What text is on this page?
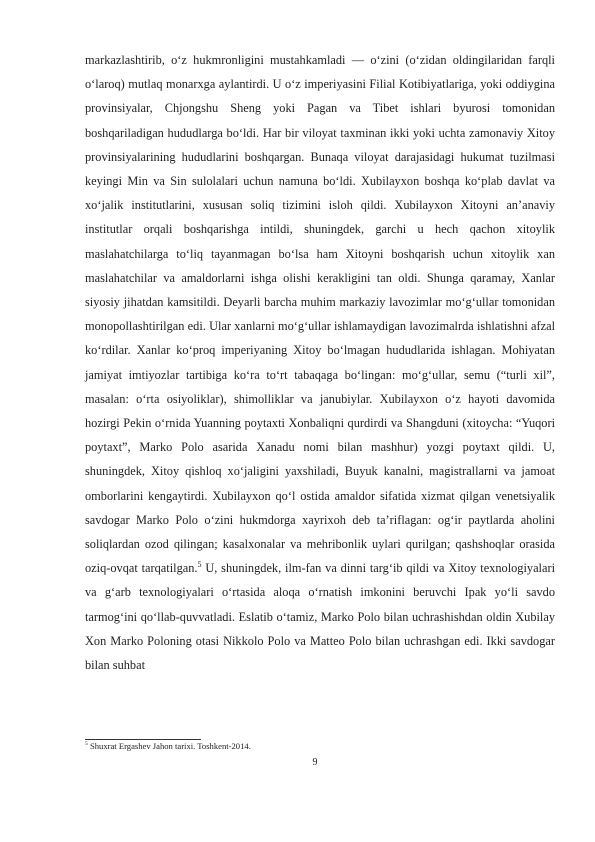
markazlashtirib, o‘z hukmronligini mustahkamladi — o‘zini (o‘zidan oldingilaridan farqli o‘laroq) mutlaq monarxga aylantirdi. U o‘z imperiyasini Filial Kotibiyatlariga, yoki oddiygina provinsiyalar, Chjongshu Sheng yoki Pagan va Tibet ishlari byurosi tomonidan boshqariladigan hududlarga bo‘ldi. Har bir viloyat taxminan ikki yoki uchta zamonaviy Xitoy provinsiyalarining hududlarini boshqargan. Bunaqa viloyat darajasidagi hukumat tuzilmasi keyingi Min va Sin sulolalari uchun namuna bo‘ldi. Xubilayxon boshqa ko‘plab davlat va xo‘jalik institutlarini, xususan soliq tizimini isloh qildi. Xubilayxon Xitoyni an’anaviy institutlar orqali boshqarishga intildi, shuningdek, garchi u hech qachon xitoylik maslahatchilarga to‘liq tayanmagan bo‘lsa ham Xitoyni boshqarish uchun xitoylik xan maslahatchilar va amaldorlarni ishga olishi kerakligini tan oldi. Shunga qaramay, Xanlar siyosiy jihatdan kamsitildi. Deyarli barcha muhim markaziy lavozimlar mo‘g‘ullar tomonidan monopollashtirilgan edi. Ular xanlarni mo‘g‘ullar ishlamaydigan lavozimalrda ishlatishni afzal ko‘rdilar. Xanlar ko‘proq imperiyaning Xitoy bo‘lmagan hududlarida ishlagan. Mohiyatan jamiyat imtiyozlar tartibiga ko‘ra to‘rt tabaqaga bo‘lingan: mo‘g‘ullar, semu (“turli xil”, masalan: o‘rta osiyoliklar), shimolliklar va janubiylar. Xubilayxon o‘z hayoti davomida hozirgi Pekin o‘rnida Yuanning poytaxti Xonbaliqni qurdirdi va Shangduni (xitoycha: “Yuqori poytaxt”, Marko Polo asarida Xanadu nomi bilan mashhur) yozgi poytaxt qildi. U, shuningdek, Xitoy qishloq xo‘jaligini yaxshiladi, Buyuk kanalni, magistrallarni va jamoat omborlarini kengaytirdi. Xubilayxon qo‘l ostida amaldor sifatida xizmat qilgan venetsiyalik savdogar Marko Polo o‘zini hukmdorga xayrixoh deb ta’riflagan: og‘ir paytlarda aholini soliqlardan ozod qilingan; kasalxonalar va mehribonlik uylari qurilgan; qashshoqlar orasida oziq-ovqat tarqatilgan.$^5$ U, shuningdek, ilm-fan va dinni targ‘ib qildi va Xitoy texnologiyalari va g‘arb texnologiyalari o‘rtasida aloqa o‘rnatish imkonini beruvchi Ipak yo‘li savdo tarmog‘ini qo‘llab-quvvatladi. Eslatib o‘tamiz, Marko Polo bilan uchrashishdan oldin Xubilay Xon Marko Poloning otasi Nikkolo Polo va Matteo Polo bilan uchrashgan edi. Ikki savdogar bilan suhbat

$^5$ Shuxrat Ergashev Jahon tarixi. Toshkent-2014.

9
